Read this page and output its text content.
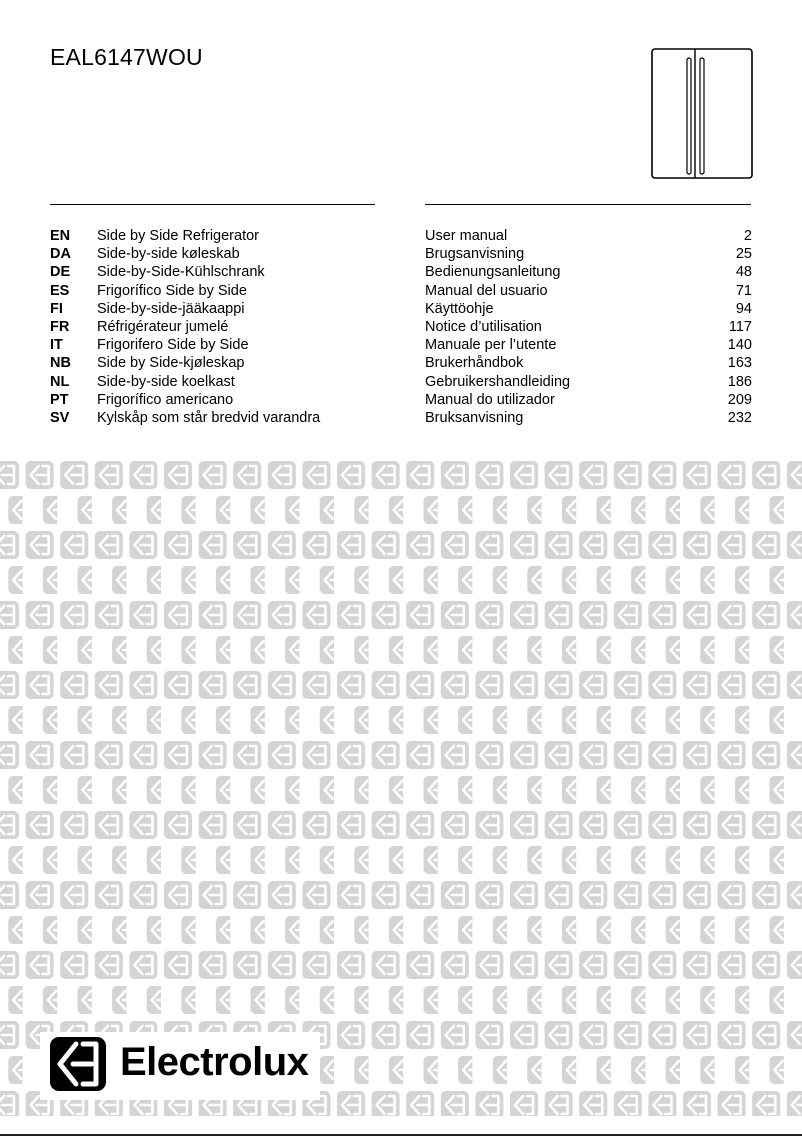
EAL6147WOU
EN Side by Side Refrigerator	User manual	2
DA Side-by-side køleskab	Brugsanvisning	25
DE Side-by-Side-Kühlschrank	Bedienungsanleitung	48
ES Frigorífico Side by Side	Manual del usuario	71
FI Side-by-side-jääkaappi	Käyttöohje	94
FR Réfrigérateur jumelé	Notice d’utilisation	117
IT Frigorifero Side by Side	Manuale per l’utente	140
NB Side by Side-kjøleskap	Brukerhåndbok	163
NL Side-by-side koelkast	Gebruikershandleiding	186
PT Frigorífico americano	Manual do utilizador	209
SV Kylskåp som står bredvid varandra	Bruksanvisning	232
Electrolux
